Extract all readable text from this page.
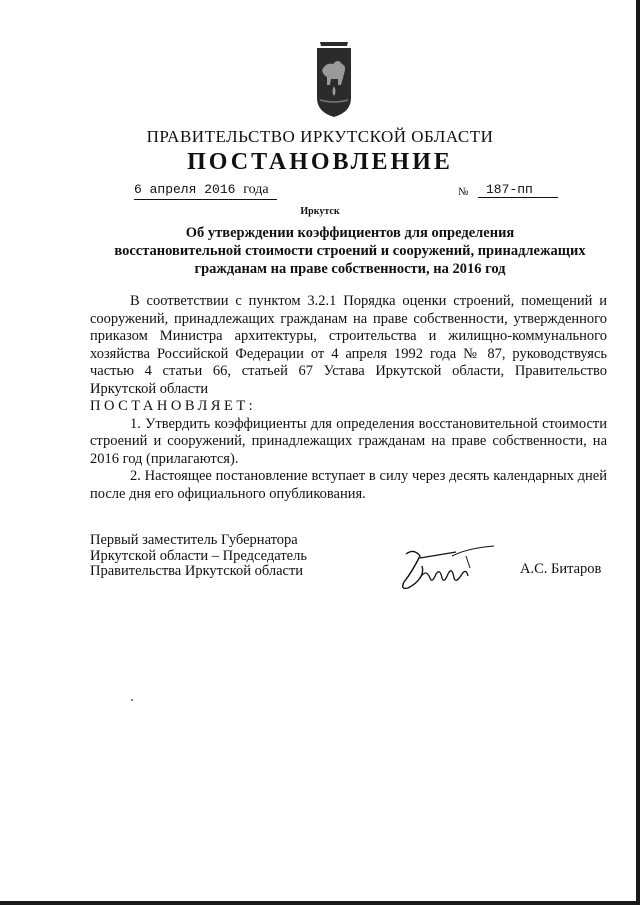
ПРАВИТЕЛЬСТВО ИРКУТСКОЙ ОБЛАСТИ
ПОСТАНОВЛЕНИЕ
6 апреля 2016 года	№	187-пп
Иркутск
Об утверждении коэффициентов для определения
восстановительной стоимости строений и сооружений, принадлежащих
гражданам на праве собственности, на 2016 год

В соответствии с пунктом 3.2.1 Порядка оценки строений, помещений и сооружений, принадлежащих гражданам на праве собственности, утвержденного приказом Министра архитектуры, строительства и жилищно-коммунального хозяйства Российской Федерации от 4 апреля 1992 года № 87, руководствуясь частью 4 статьи 66, статьей 67 Устава Иркутской области, Правительство Иркутской области

ПОСТАНОВЛЯЕТ:

1. Утвердить коэффициенты для определения восстановительной стоимости строений и сооружений, принадлежащих гражданам на праве собственности, на 2016 год (прилагаются).

2. Настоящее постановление вступает в силу через десять календарных дней после дня его официального опубликования.

Первый заместитель Губернатора
Иркутской области – Председатель
Правительства Иркутской области	А.С. Битаров
